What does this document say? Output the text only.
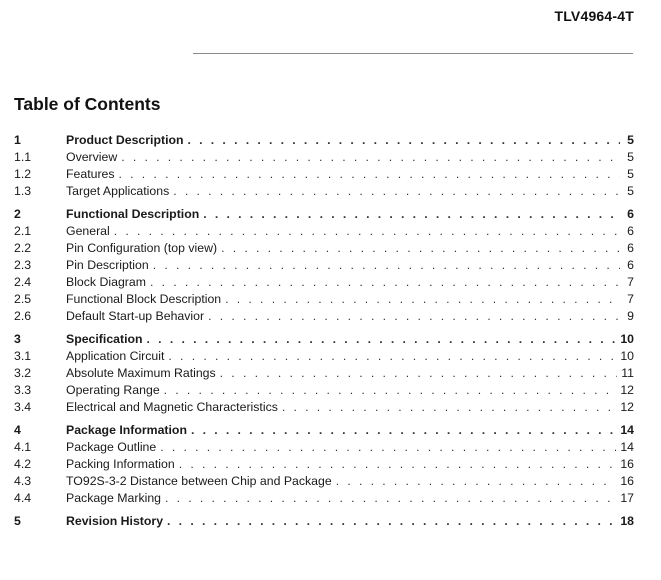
TLV4964-4T
Table of Contents
1	Product Description . . .	5
1.1	Overview . . .	5
1.2	Features . . .	5
1.3	Target Applications . . .	5
2	Functional Description . . .	6
2.1	General . . .	6
2.2	Pin Configuration (top view) . . .	6
2.3	Pin Description . . .	6
2.4	Block Diagram . . .	7
2.5	Functional Block Description . . .	7
2.6	Default Start-up Behavior . . .	9
3	Specification . . .	10
3.1	Application Circuit . . .	10
3.2	Absolute Maximum Ratings . . .	11
3.3	Operating Range . . .	12
3.4	Electrical and Magnetic Characteristics . . .	12
4	Package Information . . .	14
4.1	Package Outline . . .	14
4.2	Packing Information . . .	16
4.3	TO92S-3-2 Distance between Chip and Package . . .	16
4.4	Package Marking . . .	17
5	Revision History . . .	18
